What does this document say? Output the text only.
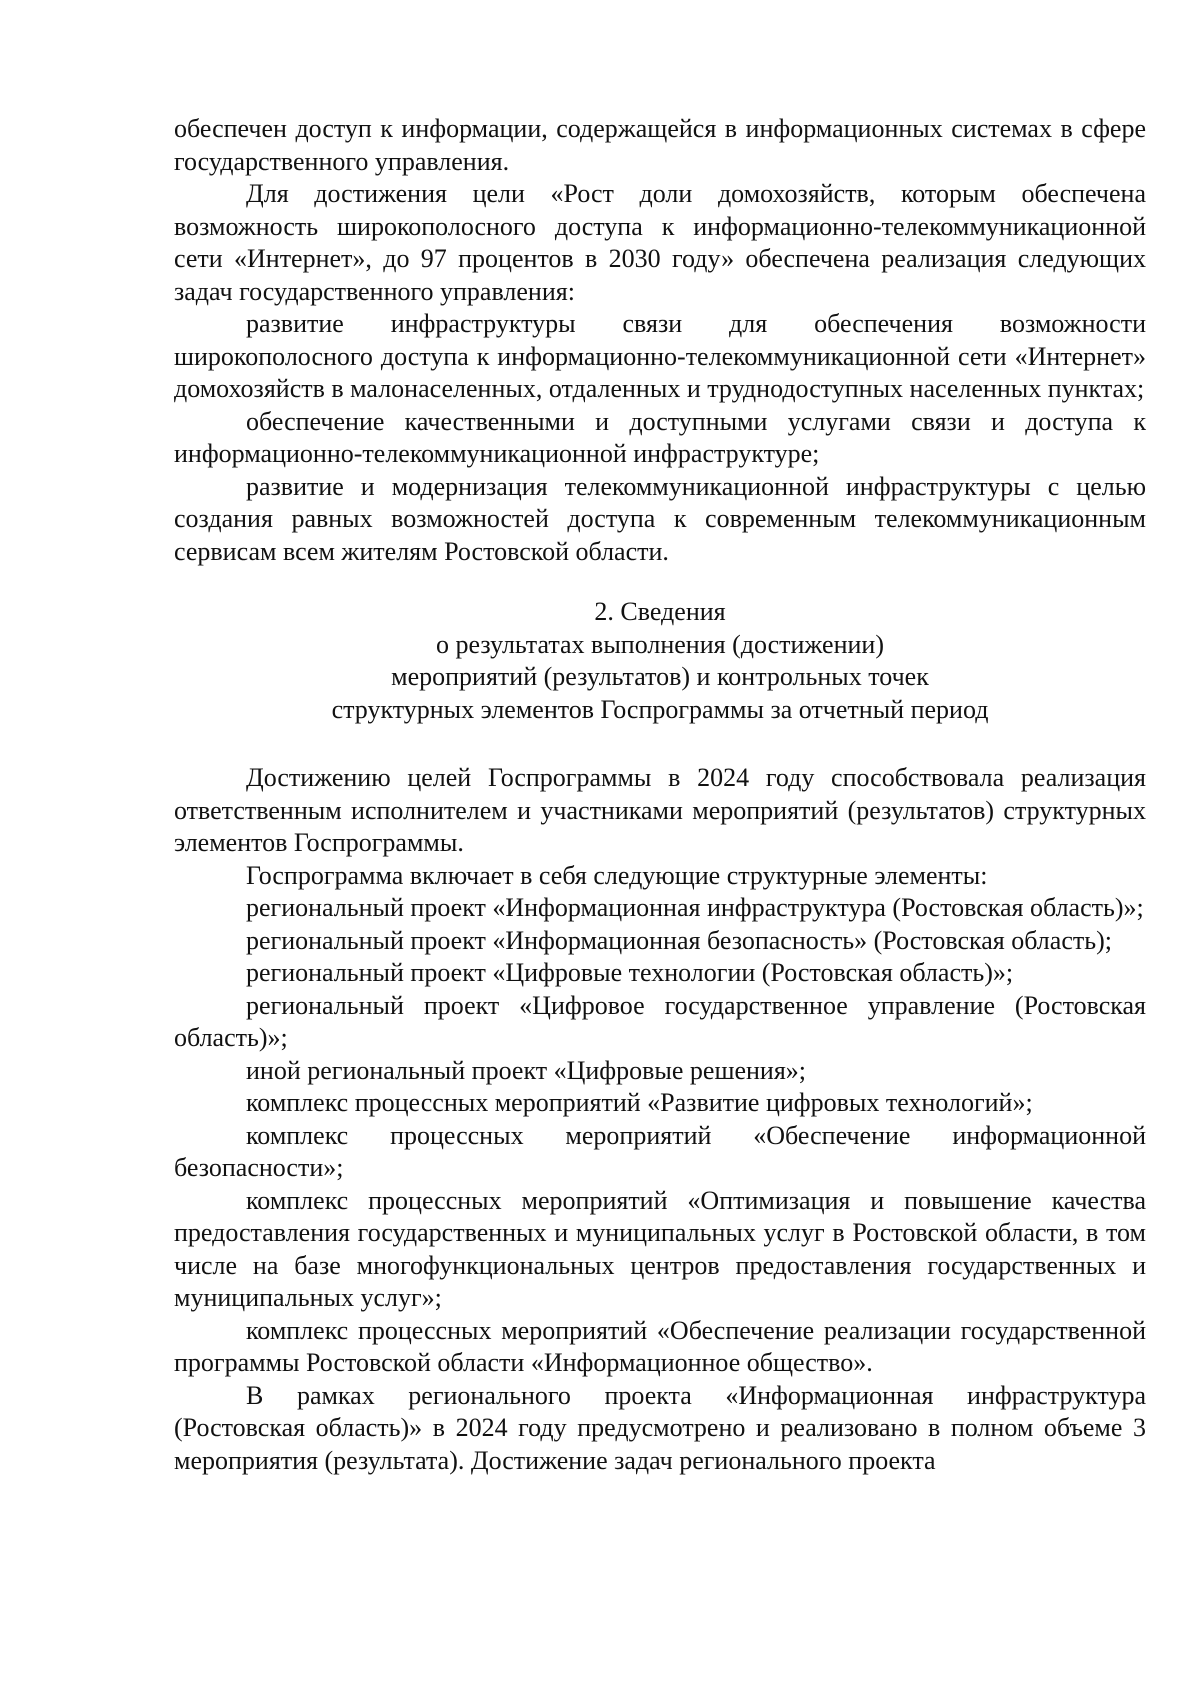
обеспечен доступ к информации, содержащейся в информационных системах в сфере государственного управления.

Для достижения цели «Рост доли домохозяйств, которым обеспечена возможность широкополосного доступа к информационно-телекоммуникационной сети «Интернет», до 97 процентов в 2030 году» обеспечена реализация следующих задач государственного управления:

развитие инфраструктуры связи для обеспечения возможности широкополосного доступа к информационно-телекоммуникационной сети «Интернет» домохозяйств в малонаселенных, отдаленных и труднодоступных населенных пунктах;

обеспечение качественными и доступными услугами связи и доступа к информационно-телекоммуникационной инфраструктуре;

развитие и модернизация телекоммуникационной инфраструктуры с целью создания равных возможностей доступа к современным телекоммуникационным сервисам всем жителям Ростовской области.

2. Сведения
о результатах выполнения (достижении)
мероприятий (результатов) и контрольных точек
структурных элементов Госпрограммы за отчетный период

Достижению целей Госпрограммы в 2024 году способствовала реализация ответственным исполнителем и участниками мероприятий (результатов) структурных элементов Госпрограммы.

Госпрограмма включает в себя следующие структурные элементы:

региональный проект «Информационная инфраструктура (Ростовская область)»;

региональный проект «Информационная безопасность» (Ростовская область);

региональный проект «Цифровые технологии (Ростовская область)»;

региональный проект «Цифровое государственное управление (Ростовская область)»;

иной региональный проект «Цифровые решения»;

комплекс процессных мероприятий «Развитие цифровых технологий»;

комплекс процессных мероприятий «Обеспечение информационной безопасности»;

комплекс процессных мероприятий «Оптимизация и повышение качества предоставления государственных и муниципальных услуг в Ростовской области, в том числе на базе многофункциональных центров предоставления государственных и муниципальных услуг»;

комплекс процессных мероприятий «Обеспечение реализации государственной программы Ростовской области «Информационное общество».

В рамках регионального проекта «Информационная инфраструктура (Ростовская область)» в 2024 году предусмотрено и реализовано в полном объеме 3 мероприятия (результата). Достижение задач регионального проекта
